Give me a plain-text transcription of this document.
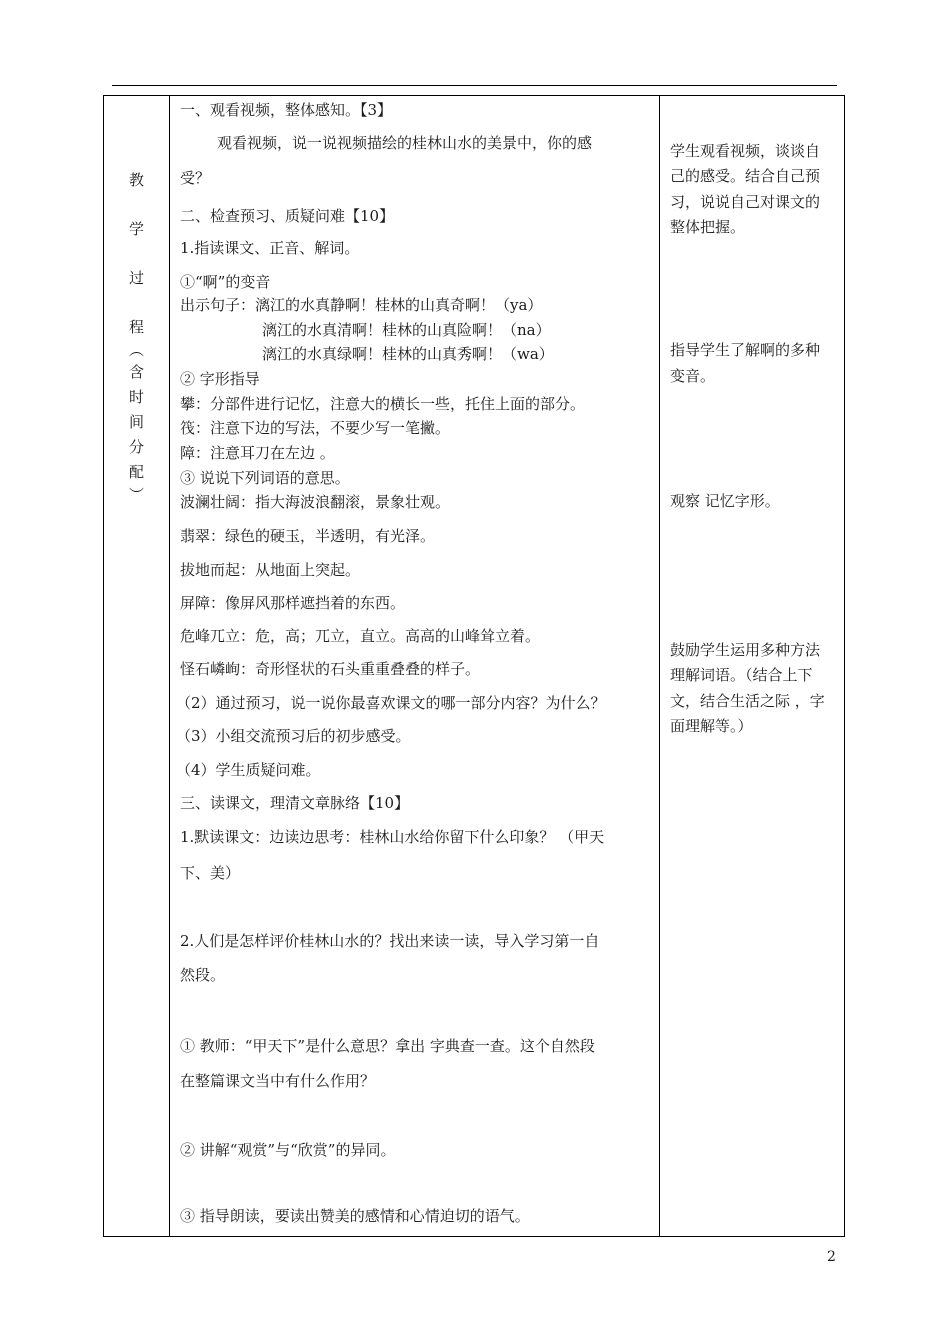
教
学
过
程
︵
含
时
间
分
配
︶
一、观看视频，整体感知。【3】
观看视频，说一说视频描绘的桂林山水的美景中，你的感
受？
二、检查预习、质疑问难【10】
1.指读课文、正音、解词。
①“啊”的变音
出示句子：漓江的水真静啊！桂林的山真奇啊！（ya）
漓江的水真清啊！桂林的山真险啊！（na）
漓江的水真绿啊！桂林的山真秀啊！（wa）
② 字形指导
攀：分部件进行记忆，注意大的横长一些，托住上面的部分。
筏：注意下边的写法，不要少写一笔撇。
障：注意耳刀在左边 。
③ 说说下列词语的意思。
波澜壮阔：指大海波浪翻滚，景象壮观。
翡翠：绿色的硬玉，半透明，有光泽。
拔地而起：从地面上突起。
屏障：像屏风那样遮挡着的东西。
危峰兀立：危，高；兀立，直立。高高的山峰耸立着。
怪石嶙峋：奇形怪状的石头重重叠叠的样子。
（2）通过预习，说一说你最喜欢课文的哪一部分内容？为什么？
（3）小组交流预习后的初步感受。
（4）学生质疑问难。
三、读课文，理清文章脉络【10】
1.默读课文：边读边思考：桂林山水给你留下什么印象？ （甲天
下、美）
2.人们是怎样评价桂林山水的？找出来读一读，导入学习第一自
然段。
① 教师：“甲天下”是什么意思？拿出 字典查一查。这个自然段
在整篇课文当中有什么作用？
② 讲解“观赏”与“欣赏”的异同。
③ 指导朗读，要读出赞美的感情和心情迫切的语气。
学生观看视频，谈谈自
己的感受。结合自己预
习，说说自己对课文的
整体把握。
指导学生了解啊的多种
变音。
观察 记忆字形。
鼓励学生运用多种方法
理解词语。（结合上下
文，结合生活之际 ，字
面理解等。）
2
